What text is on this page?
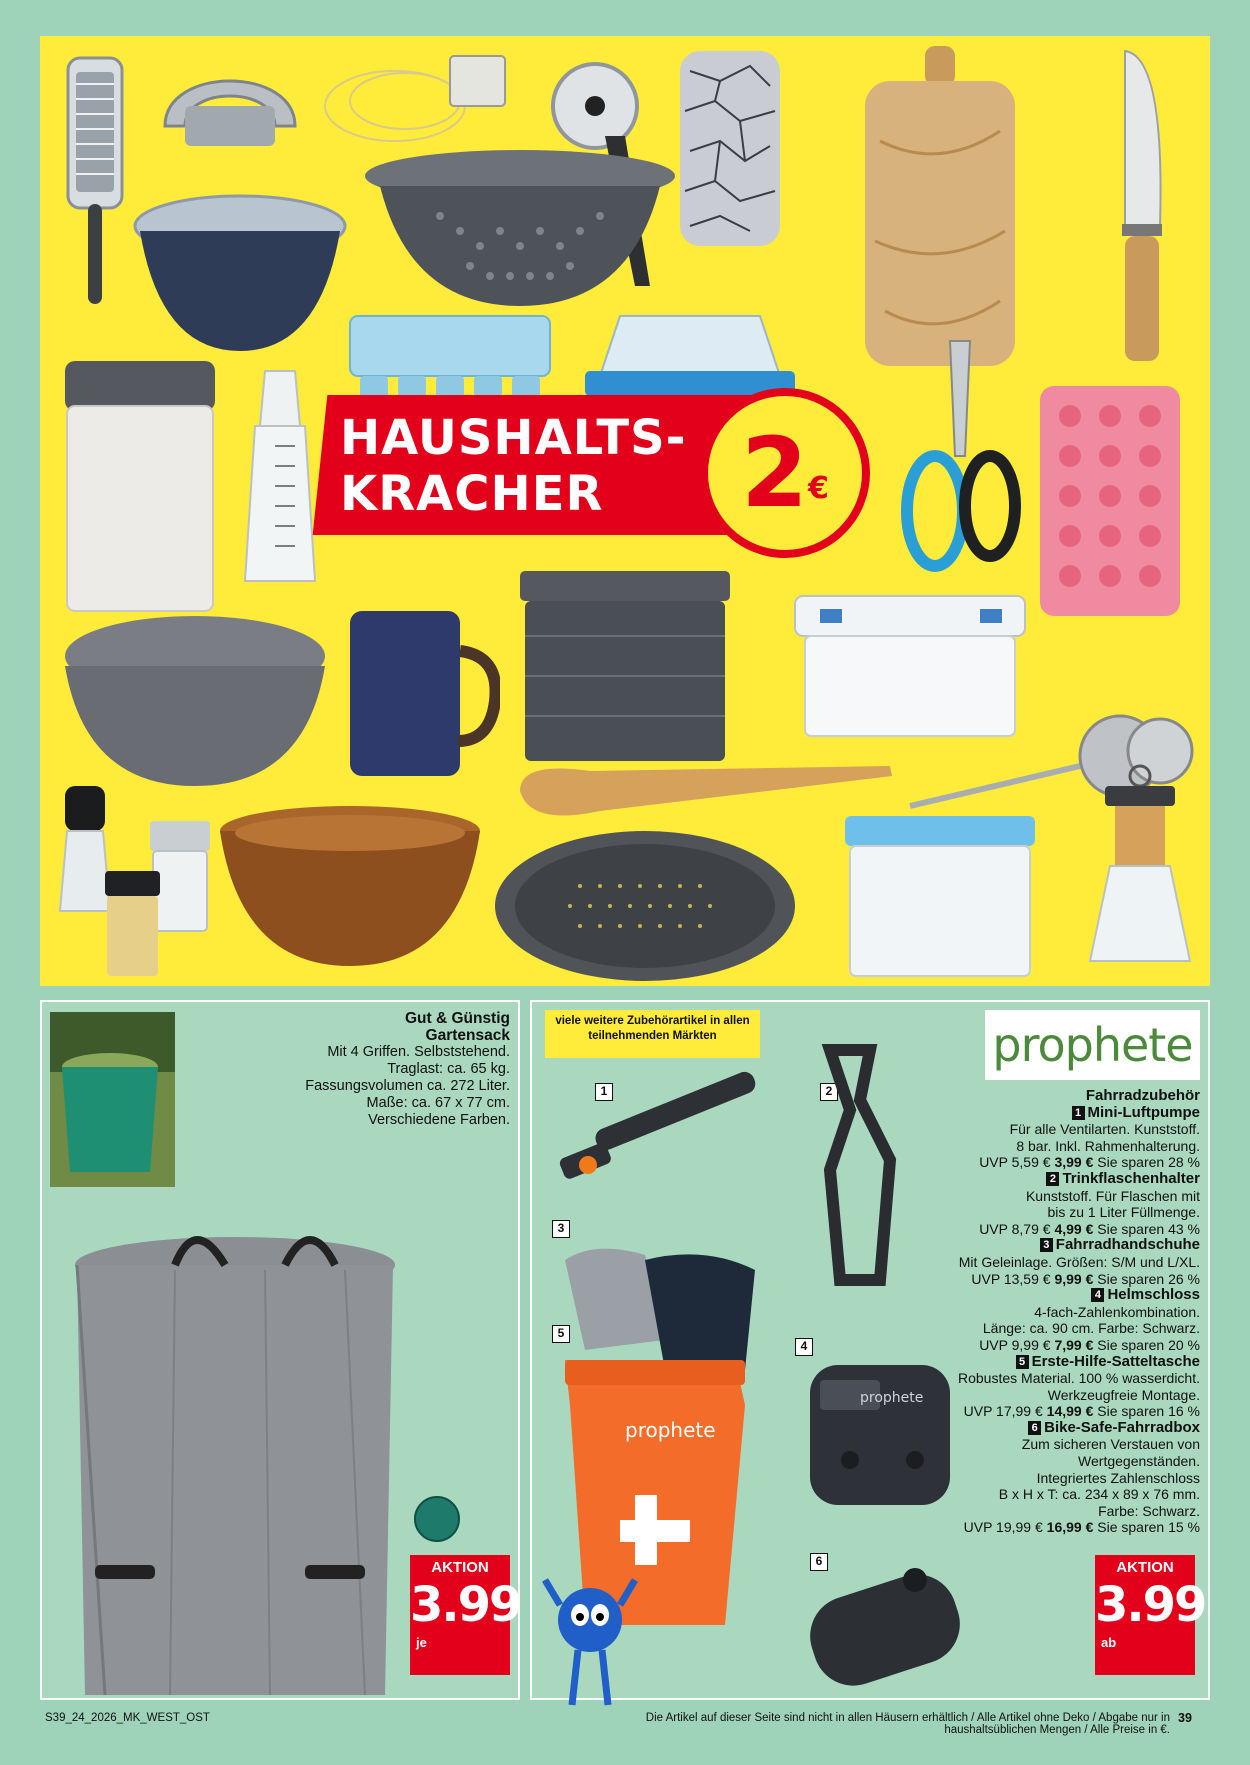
HAUSHALTS-
KRACHER	2 €
Gut & Günstig
Gartensack
Mit 4 Griffen. Selbststehend.
Traglast: ca. 65 kg.
Fassungsvolumen ca. 272 Liter.
Maße: ca. 67 x 77 cm.
Verschiedene Farben.
AKTION
je
3.99
viele weitere Zubehörartikel in allen teilnehmenden Märkten	prophete
1	2
3
5
prophete
4
prophete
6
Fahrradzubehör
1 Mini-Luftpumpe
Für alle Ventilarten. Kunststoff.
8 bar. Inkl. Rahmenhalterung.
UVP 5,59 € 3,99 € Sie sparen 28 %
2 Trinkflaschenhalter
Kunststoff. Für Flaschen mit
bis zu 1 Liter Füllmenge.
UVP 8,79 € 4,99 € Sie sparen 43 %
3 Fahrradhandschuhe
Mit Geleinlage. Größen: S/M und L/XL.
UVP 13,59 € 9,99 € Sie sparen 26 %
4 Helmschloss
4-fach-Zahlenkombination.
Länge: ca. 90 cm. Farbe: Schwarz.
UVP 9,99 € 7,99 € Sie sparen 20 %
5 Erste-Hilfe-Satteltasche
Robustes Material. 100 % wasserdicht.
Werkzeugfreie Montage.
UVP 17,99 € 14,99 € Sie sparen 16 %
6 Bike-Safe-Fahrradbox
Zum sicheren Verstauen von
Wertgegenständen.
Integriertes Zahlenschloss
B x H x T: ca. 234 x 89 x 76 mm.
Farbe: Schwarz.
UVP 19,99 € 16,99 € Sie sparen 15 %
AKTION
ab
3.99
S39_24_2026_MK_WEST_OST	Die Artikel auf dieser Seite sind nicht in allen Häusern erhältlich / Alle Artikel ohne Deko / Abgabe nur in haushaltsüblichen Mengen / Alle Preise in €.
39
